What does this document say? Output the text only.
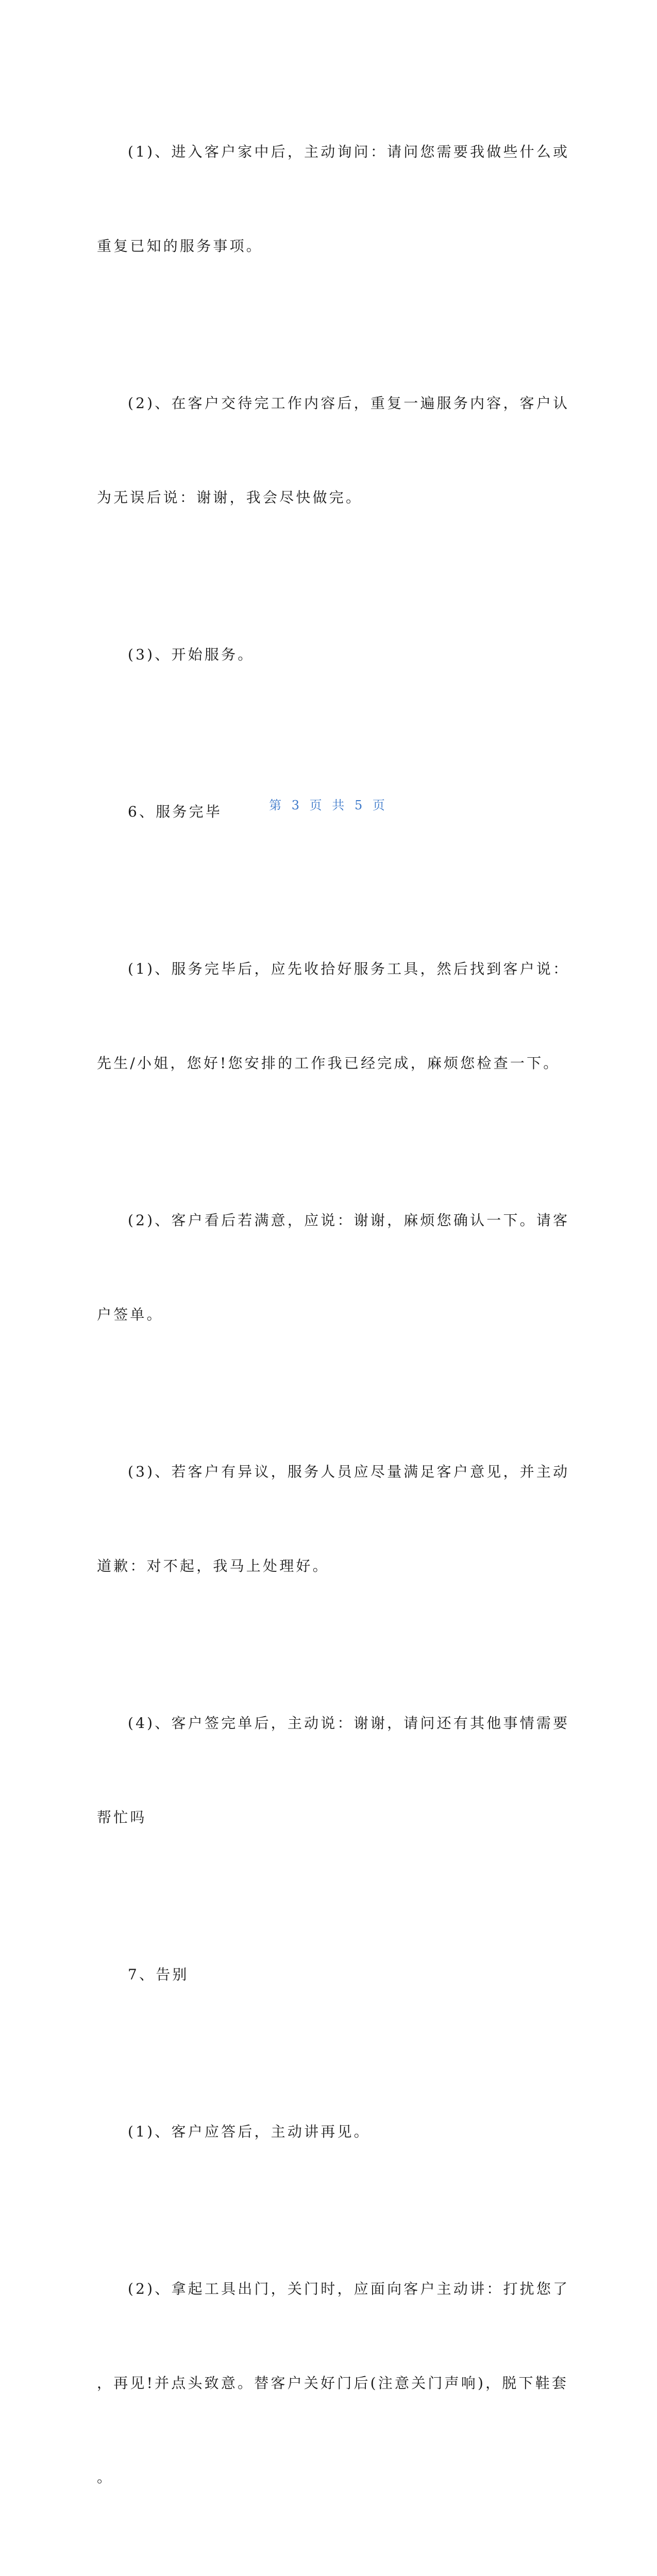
(1)、进入客户家中后，主动询问：请问您需要我做些什么或

重复已知的服务事项。

(2)、在客户交待完工作内容后，重复一遍服务内容，客户认

为无误后说：谢谢，我会尽快做完。

(3)、开始服务。

6、服务完毕

(1)、服务完毕后，应先收拾好服务工具，然后找到客户说：

先生/小姐，您好!您安排的工作我已经完成，麻烦您检查一下。

(2)、客户看后若满意，应说：谢谢，麻烦您确认一下。请客

户签单。

(3)、若客户有异议，服务人员应尽量满足客户意见，并主动

道歉：对不起，我马上处理好。

(4)、客户签完单后，主动说：谢谢，请问还有其他事情需要

帮忙吗

7、告别

(1)、客户应答后，主动讲再见。

(2)、拿起工具出门，关门时，应面向客户主动讲：打扰您了

，再见!并点头致意。替客户关好门后(注意关门声响)，脱下鞋套

。

第 3 页 共 5 页
